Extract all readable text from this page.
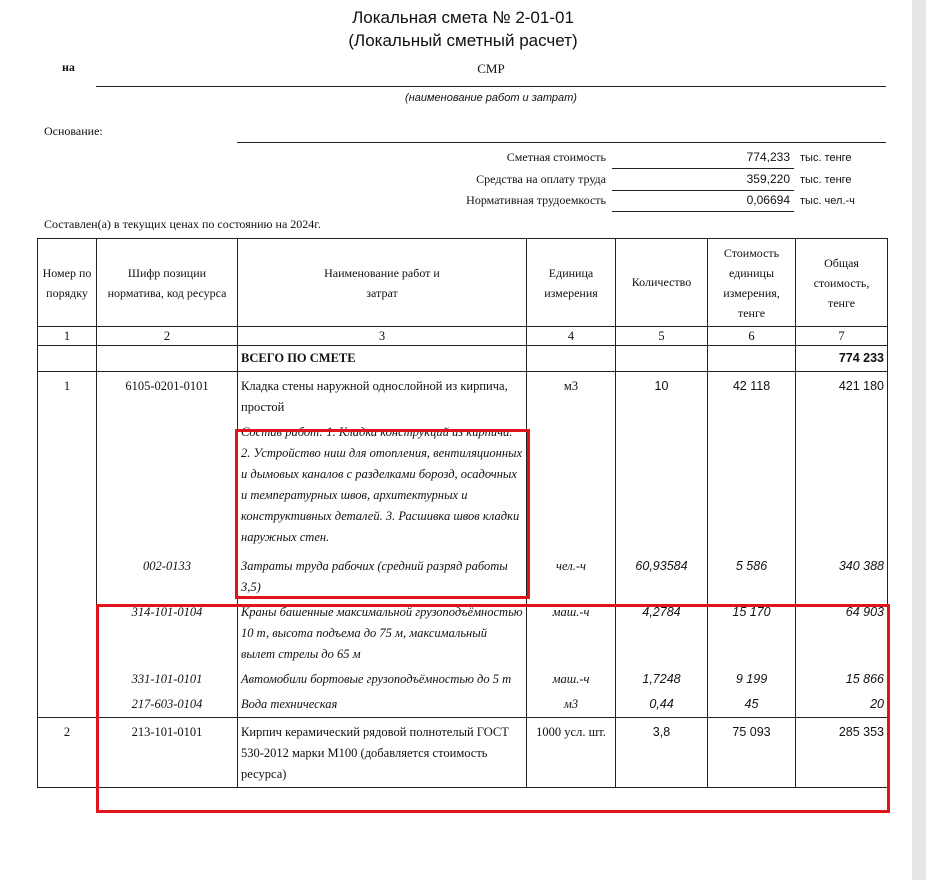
Локальная смета № 2-01-01
(Локальный сметный расчет)
на	СМР
(наименование работ и затрат)
Основание:
Сметная стоимость	774,233 тыс. тенге
Средства на оплату труда	359,220 тыс. тенге
Нормативная трудоемкость	0,06694 тыс. чел.-ч
Составлен(а) в текущих ценах по состоянию на 2024г.
Номер по порядку	Шифр позиции норматива, код ресурса	Наименование работ и затрат	Единица измерения	Количество	Стоимость единицы измерения, тенге	Общая стоимость, тенге
1	2	3	4	5	6	7
		ВСЕГО ПО СМЕТЕ				774 233
1	6105-0201-0101	Кладка стены наружной однослойной из кирпича, простой	м3	10	42 118	421 180
		Состав работ: 1. Кладка конструкций из кирпича. 2. Устройство ниш для отопления, вентиляционных и дымовых каналов с разделками борозд, осадочных и температурных швов, архитектурных и конструктивных деталей. 3. Расшивка швов кладки наружных стен.				
	002-0133	Затраты труда рабочих (средний разряд работы 3,5)	чел.-ч	60,93584	5 586	340 388
	314-101-0104	Краны башенные максимальной грузоподъёмностью 10 т, высота подъема до 75 м, максимальный вылет стрелы до 65 м	маш.-ч	4,2784	15 170	64 903
	331-101-0101	Автомобили бортовые грузоподъёмностью до 5 т	маш.-ч	1,7248	9 199	15 866
	217-603-0104	Вода техническая	м3	0,44	45	20
2	213-101-0101	Кирпич керамический рядовой полнотелый ГОСТ 530-2012 марки М100 (добавляется стоимость ресурса)	1000 усл. шт.	3,8	75 093	285 353
